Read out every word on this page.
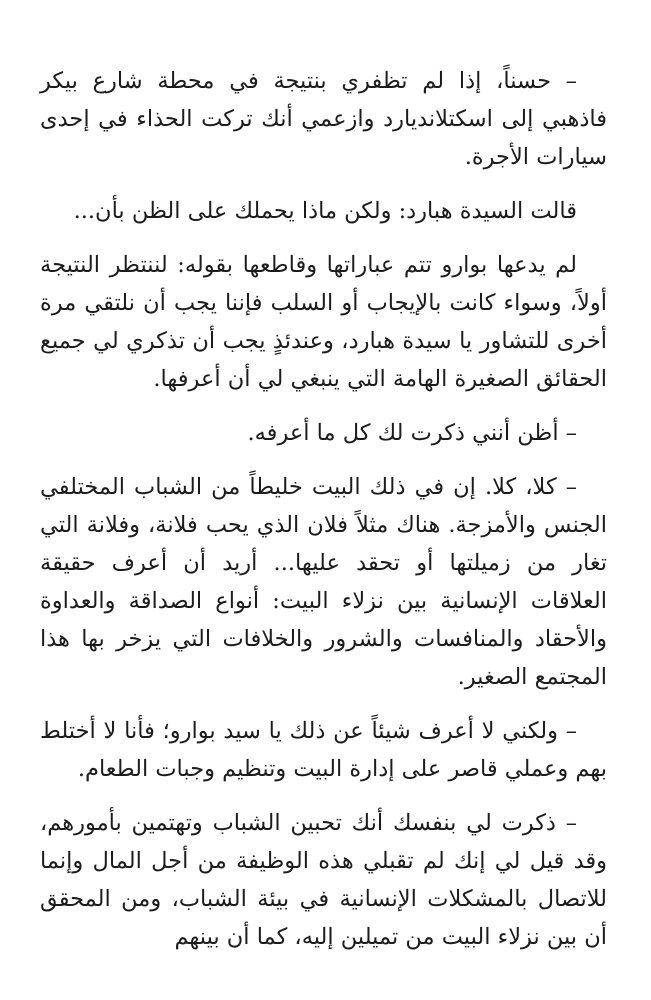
– حسناً، إذا لم تظفري بنتيجة في محطة شارع بيكر فاذهبي إلى اسكتلانديارد وازعمي أنك تركت الحذاء في إحدى سيارات الأجرة.

قالت السيدة هبارد: ولكن ماذا يحملك على الظن بأن...

لم يدعها بوارو تتم عباراتها وقاطعها بقوله: لننتظر النتيجة أولاً، وسواء كانت بالإيجاب أو السلب فإننا يجب أن نلتقي مرة أخرى للتشاور يا سيدة هبارد، وعندئذٍ يجب أن تذكري لي جميع الحقائق الصغيرة الهامة التي ينبغي لي أن أعرفها.

– أظن أنني ذكرت لك كل ما أعرفه.

– كلا، كلا. إن في ذلك البيت خليطاً من الشباب المختلفي الجنس والأمزجة. هناك مثلاً فلان الذي يحب فلانة، وفلانة التي تغار من زميلتها أو تحقد عليها... أريد أن أعرف حقيقة العلاقات الإنسانية بين نزلاء البيت: أنواع الصداقة والعداوة والأحقاد والمنافسات والشرور والخلافات التي يزخر بها هذا المجتمع الصغير.

– ولكني لا أعرف شيئاً عن ذلك يا سيد بوارو؛ فأنا لا أختلط بهم وعملي قاصر على إدارة البيت وتنظيم وجبات الطعام.

– ذكرت لي بنفسك أنك تحبين الشباب وتهتمين بأمورهم، وقد قيل لي إنك لم تقبلي هذه الوظيفة من أجل المال وإنما للاتصال بالمشكلات الإنسانية في بيئة الشباب، ومن المحقق أن بين نزلاء البيت من تميلين إليه، كما أن بينهم
